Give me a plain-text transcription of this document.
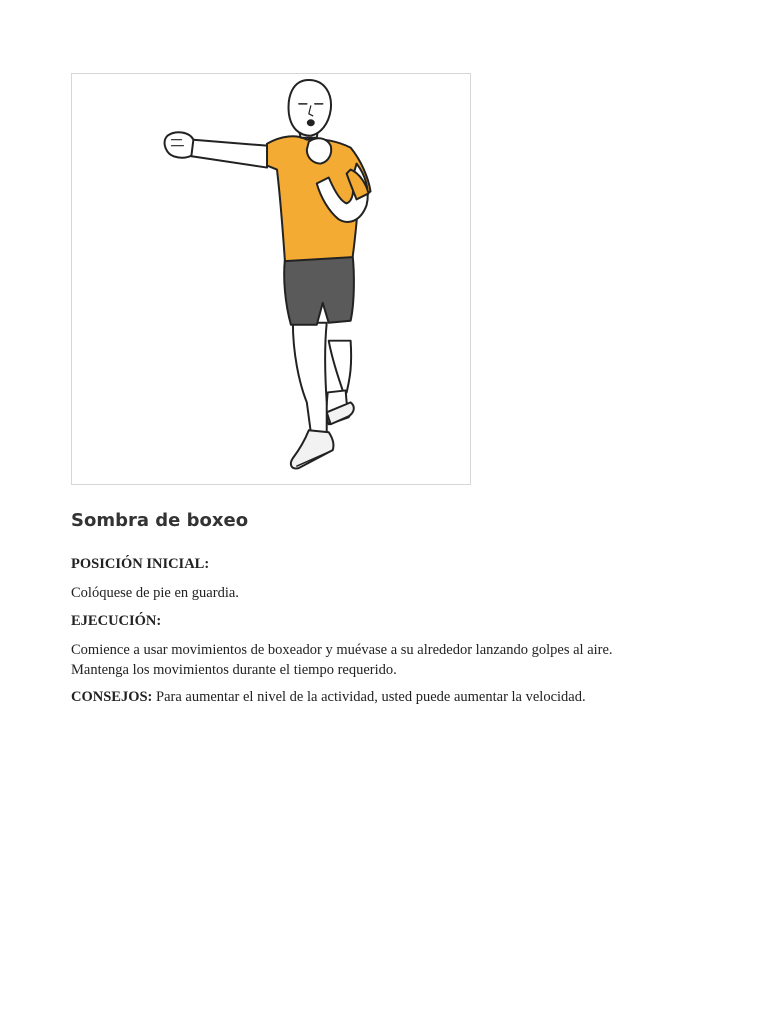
Sombra de boxeo

POSICIÓN INICIAL:

Colóquese de pie en guardia.

EJECUCIÓN:

Comience a usar movimientos de boxeador y muévase a su alrededor lanzando golpes al aire.

Mantenga los movimientos durante el tiempo requerido.

CONSEJOS: Para aumentar el nivel de la actividad, usted puede aumentar la velocidad.
